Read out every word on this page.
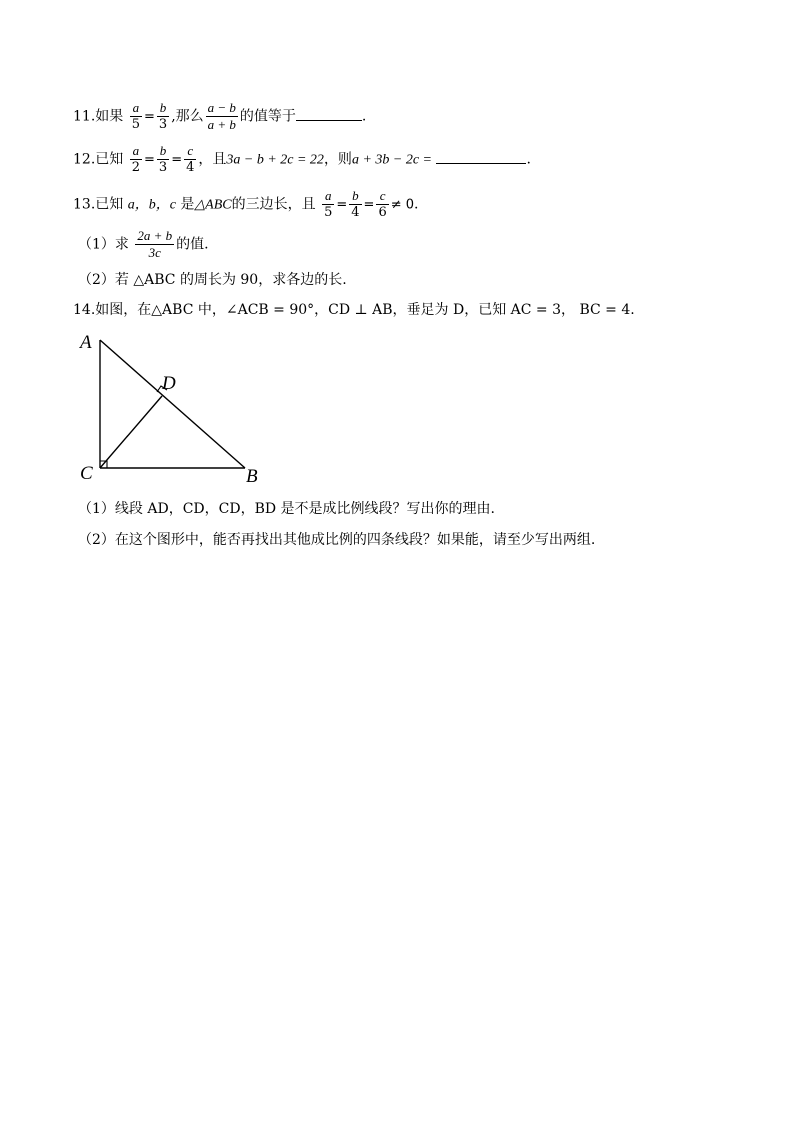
11.如果 $\frac{a}{5} = \frac{b}{3}$ ,那么 $\frac{a - b}{a + b}$ 的值等于	.
12.已知 $\frac{a}{2} = \frac{b}{3} = \frac{c}{4}$ ，且3a − b + 2c = 22，则a + 3b − 2c =	.
13.已知 a，b，c 是△ABC的三边长，且 $\frac{a}{5} = \frac{b}{4} = \frac{c}{6} \ne 0$.
（1）求 $\frac{2a + b}{3c}$ 的值.
（2）若 △ABC 的周长为 90，求各边的长.
14.如图，在△ABC 中，∠ACB = 90°，CD ⊥ AB，垂足为 D，已知 AC = 3， BC = 4.
A
D
C	B
（1）线段 AD，CD，CD，BD 是不是成比例线段？写出你的理由.
（2）在这个图形中，能否再找出其他成比例的四条线段？如果能，请至少写出两组.
